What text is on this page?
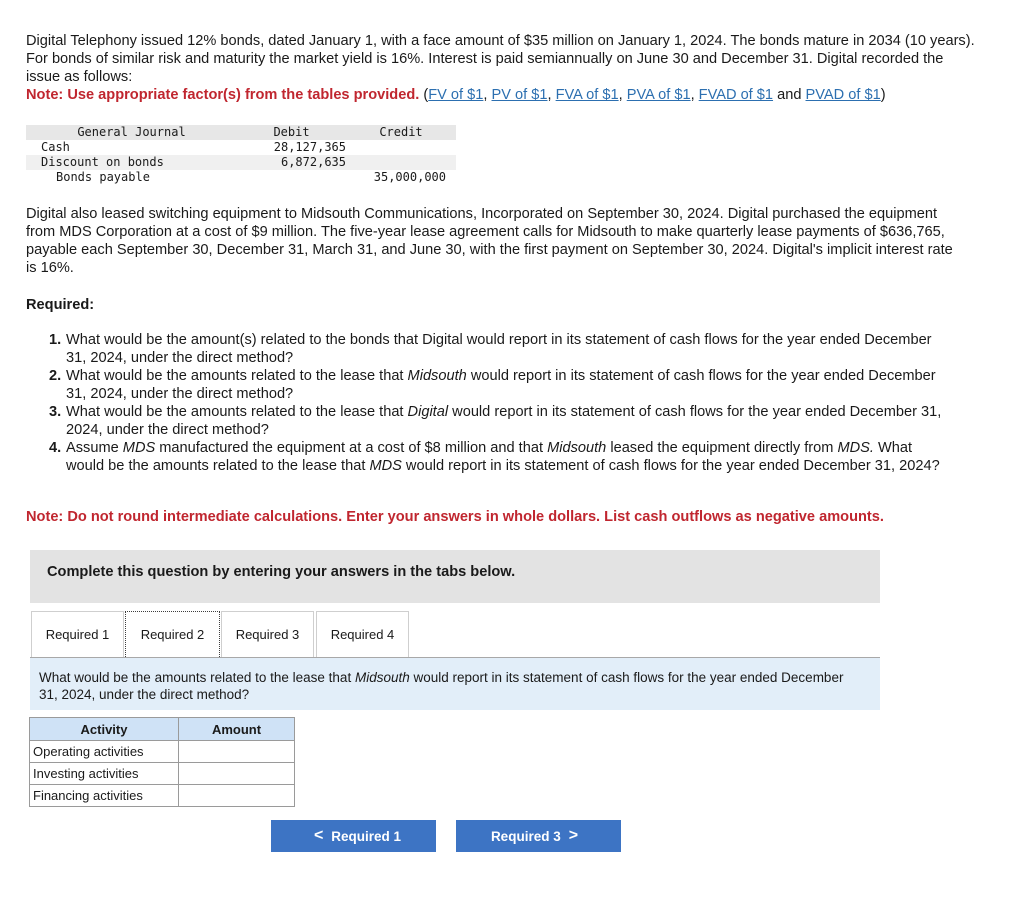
Digital Telephony issued 12% bonds, dated January 1, with a face amount of $35 million on January 1, 2024. The bonds mature in 2034 (10 years). For bonds of similar risk and maturity the market yield is 16%. Interest is paid semiannually on June 30 and December 31. Digital recorded the issue as follows:

Note: Use appropriate factor(s) from the tables provided. (FV of $1, PV of $1, FVA of $1, PVA of $1, FVAD of $1 and PVAD of $1)

General Journal	Debit	Credit
Cash	28,127,365	
Discount on bonds	6,872,635	
Bonds payable		35,000,000

Digital also leased switching equipment to Midsouth Communications, Incorporated on September 30, 2024. Digital purchased the equipment from MDS Corporation at a cost of $9 million. The five-year lease agreement calls for Midsouth to make quarterly lease payments of $636,765, payable each September 30, December 31, March 31, and June 30, with the first payment on September 30, 2024. Digital's implicit interest rate is 16%.

Required:

1. What would be the amount(s) related to the bonds that Digital would report in its statement of cash flows for the year ended December 31, 2024, under the direct method?
2. What would be the amounts related to the lease that Midsouth would report in its statement of cash flows for the year ended December 31, 2024, under the direct method?
3. What would be the amounts related to the lease that Digital would report in its statement of cash flows for the year ended December 31, 2024, under the direct method?
4. Assume MDS manufactured the equipment at a cost of $8 million and that Midsouth leased the equipment directly from MDS. What would be the amounts related to the lease that MDS would report in its statement of cash flows for the year ended December 31, 2024?

Note: Do not round intermediate calculations. Enter your answers in whole dollars. List cash outflows as negative amounts.

Complete this question by entering your answers in the tabs below.
Required 1	Required 2	Required 3	Required 4

What would be the amounts related to the lease that Midsouth would report in its statement of cash flows for the year ended December 31, 2024, under the direct method?

Activity	Amount
Operating activities	

Investing activities	

Financing activities	
< Required 1	Required 3 >
